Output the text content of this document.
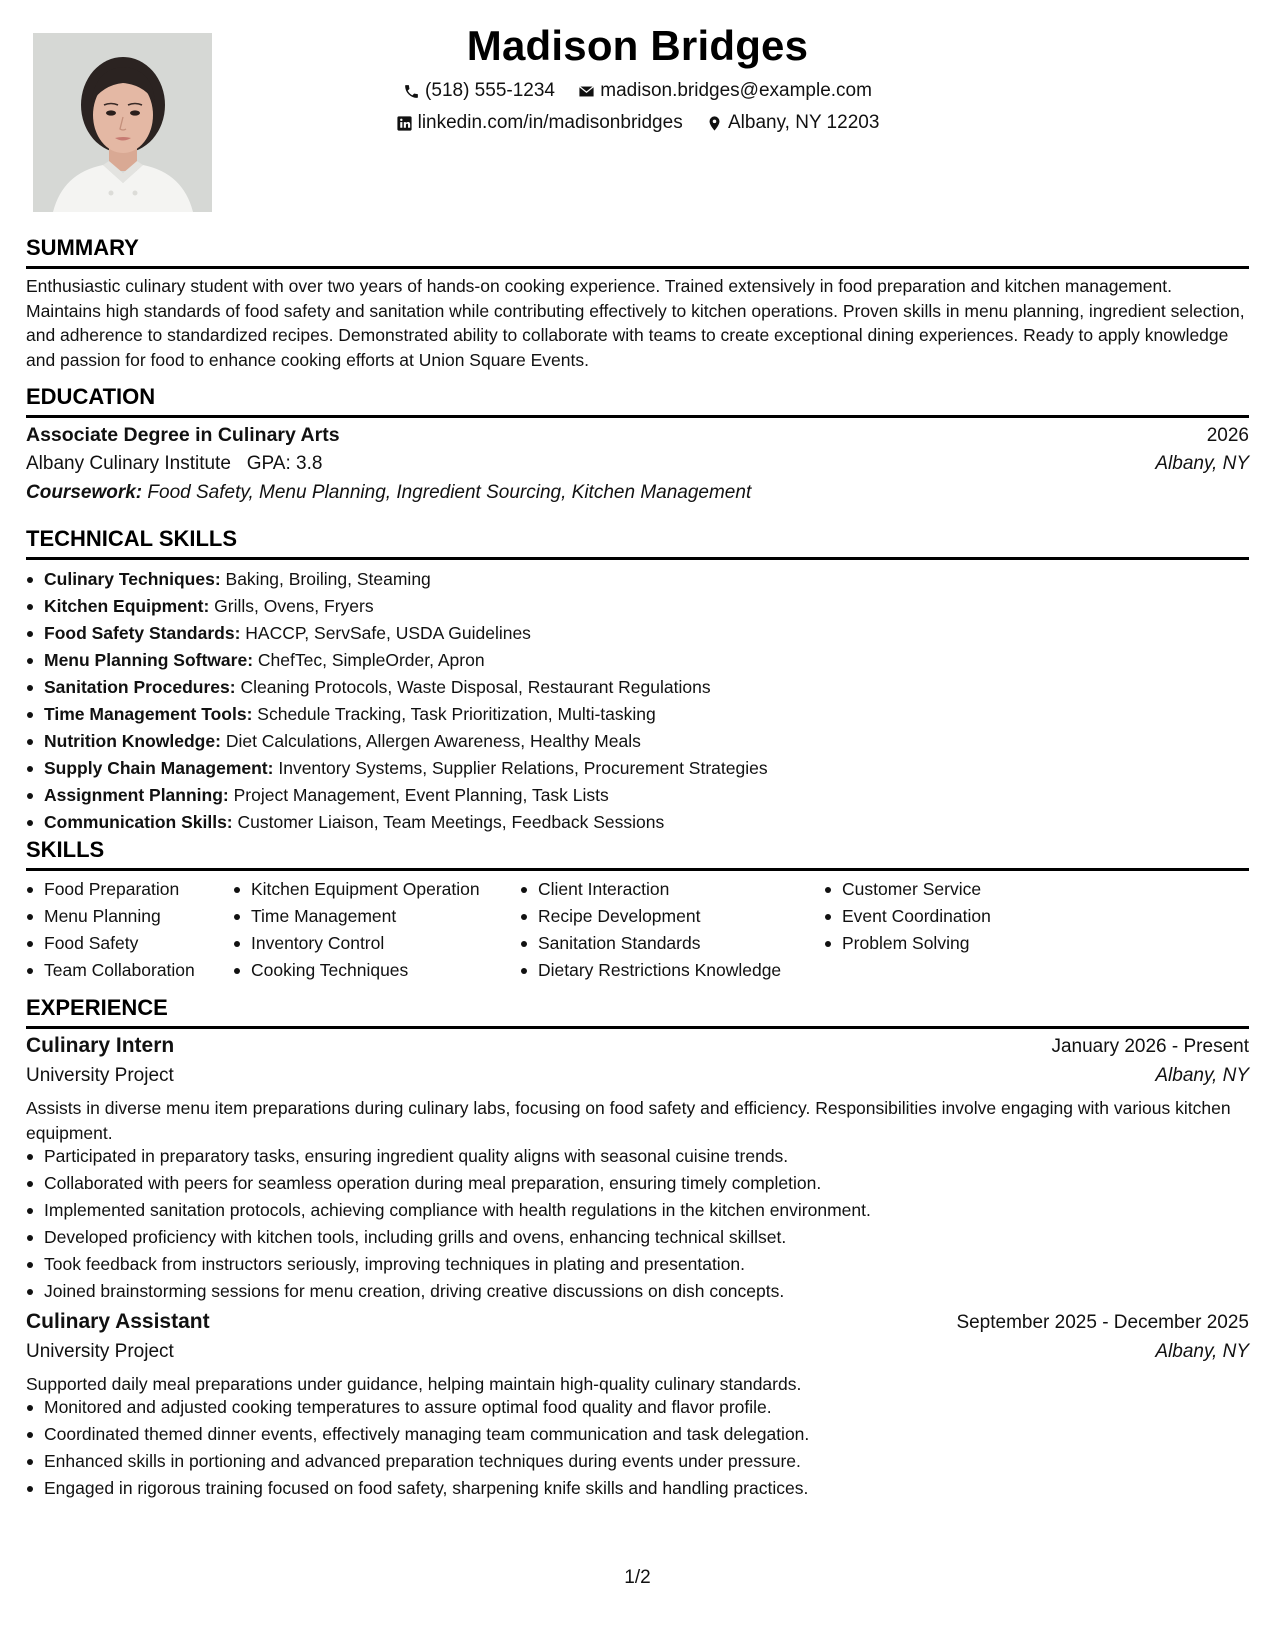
Madison Bridges
(518) 555-1234
madison.bridges@example.com
linkedin.com/in/madisonbridges
Albany, NY 12203
SUMMARY
Enthusiastic culinary student with over two years of hands-on cooking experience. Trained extensively in food preparation and kitchen management. Maintains high standards of food safety and sanitation while contributing effectively to kitchen operations. Proven skills in menu planning, ingredient selection, and adherence to standardized recipes. Demonstrated ability to collaborate with teams to create exceptional dining experiences. Ready to apply knowledge and passion for food to enhance cooking efforts at Union Square Events.
EDUCATION
Associate Degree in Culinary Arts	2026
Albany Culinary Institute GPA: 3.8	Albany, NY
Coursework: Food Safety, Menu Planning, Ingredient Sourcing, Kitchen Management
TECHNICAL SKILLS
Culinary Techniques: Baking, Broiling, Steaming
Kitchen Equipment: Grills, Ovens, Fryers
Food Safety Standards: HACCP, ServSafe, USDA Guidelines
Menu Planning Software: ChefTec, SimpleOrder, Apron
Sanitation Procedures: Cleaning Protocols, Waste Disposal, Restaurant Regulations
Time Management Tools: Schedule Tracking, Task Prioritization, Multi-tasking
Nutrition Knowledge: Diet Calculations, Allergen Awareness, Healthy Meals
Supply Chain Management: Inventory Systems, Supplier Relations, Procurement Strategies
Assignment Planning: Project Management, Event Planning, Task Lists
Communication Skills: Customer Liaison, Team Meetings, Feedback Sessions
SKILLS
Food Preparation
Menu Planning
Food Safety
Team Collaboration
Kitchen Equipment Operation
Time Management
Inventory Control
Cooking Techniques
Client Interaction
Recipe Development
Sanitation Standards
Dietary Restrictions Knowledge
Customer Service
Event Coordination
Problem Solving
EXPERIENCE
Culinary Intern	January 2026 - Present
University Project	Albany, NY
Assists in diverse menu item preparations during culinary labs, focusing on food safety and efficiency. Responsibilities involve engaging with various kitchen equipment.
Participated in preparatory tasks, ensuring ingredient quality aligns with seasonal cuisine trends.
Collaborated with peers for seamless operation during meal preparation, ensuring timely completion.
Implemented sanitation protocols, achieving compliance with health regulations in the kitchen environment.
Developed proficiency with kitchen tools, including grills and ovens, enhancing technical skillset.
Took feedback from instructors seriously, improving techniques in plating and presentation.
Joined brainstorming sessions for menu creation, driving creative discussions on dish concepts.
Culinary Assistant	September 2025 - December 2025
University Project	Albany, NY
Supported daily meal preparations under guidance, helping maintain high-quality culinary standards.
Monitored and adjusted cooking temperatures to assure optimal food quality and flavor profile.
Coordinated themed dinner events, effectively managing team communication and task delegation.
Enhanced skills in portioning and advanced preparation techniques during events under pressure.
Engaged in rigorous training focused on food safety, sharpening knife skills and handling practices.
1/2
